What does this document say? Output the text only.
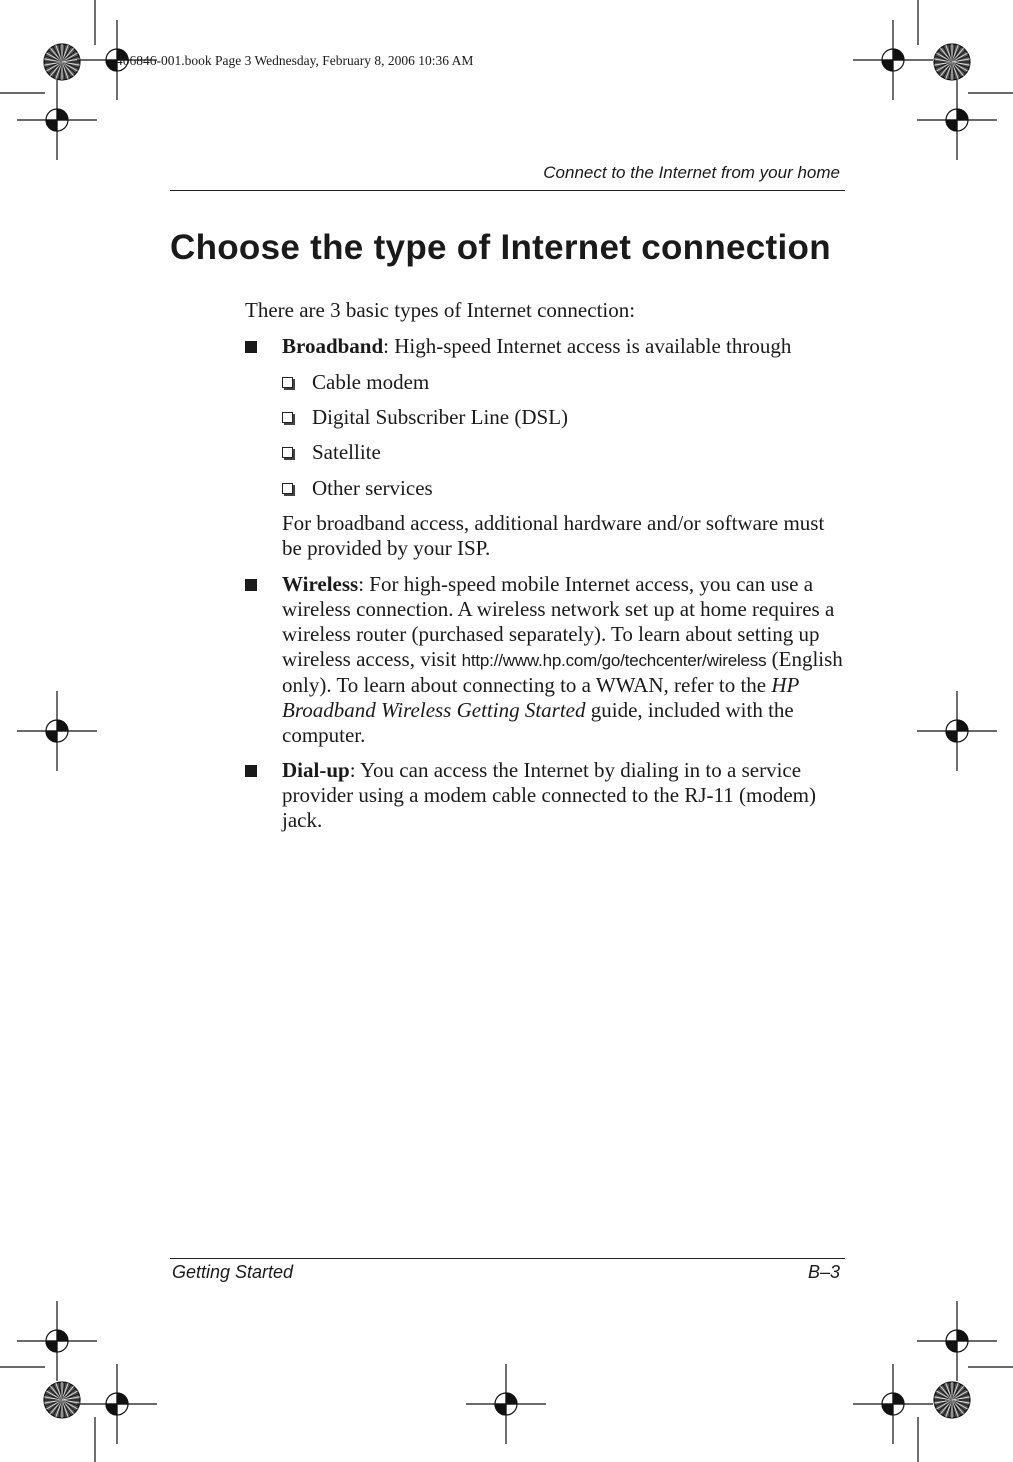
406846-001.book Page 3 Wednesday, February 8, 2006 10:36 AM
Connect to the Internet from your home
Choose the type of Internet connection
There are 3 basic types of Internet connection:
Broadband: High-speed Internet access is available through
Cable modem
Digital Subscriber Line (DSL)
Satellite
Other services
For broadband access, additional hardware and/or software must be provided by your ISP.
Wireless: For high-speed mobile Internet access, you can use a wireless connection. A wireless network set up at home requires a wireless router (purchased separately). To learn about setting up wireless access, visit http://www.hp.com/go/techcenter/wireless (English only). To learn about connecting to a WWAN, refer to the HP Broadband Wireless Getting Started guide, included with the computer.
Dial-up: You can access the Internet by dialing in to a service provider using a modem cable connected to the RJ-11 (modem) jack.
Getting Started	B–3
